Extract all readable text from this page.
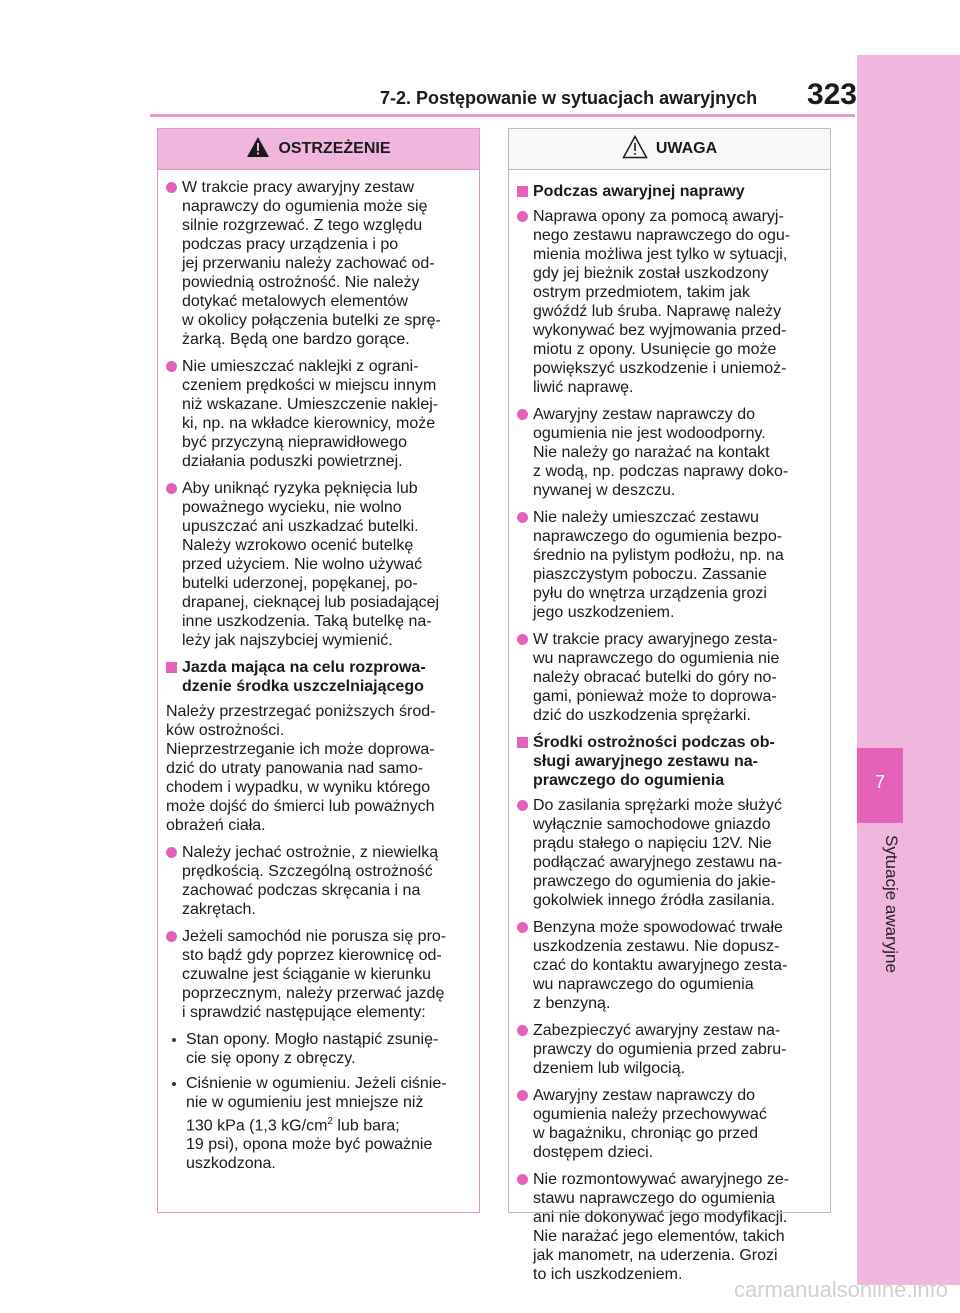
7
Sytuacje awaryjne
7-2. Postępowanie w sytuacjach awaryjnych 323
OSTRZEŻENIE
W trakcie pracy awaryjny zestaw
naprawczy do ogumienia może się
silnie rozgrzewać. Z tego względu
podczas pracy urządzenia i po
jej przerwaniu należy zachować od-
powiednią ostrożność. Nie należy
dotykać metalowych elementów
w okolicy połączenia butelki ze sprę-
żarką. Będą one bardzo gorące.
Nie umieszczać naklejki z ograni-
czeniem prędkości w miejscu innym
niż wskazane. Umieszczenie naklej-
ki, np. na wkładce kierownicy, może
być przyczyną nieprawidłowego
działania poduszki powietrznej.
Aby uniknąć ryzyka pęknięcia lub
poważnego wycieku, nie wolno
upuszczać ani uszkadzać butelki.
Należy wzrokowo ocenić butelkę
przed użyciem. Nie wolno używać
butelki uderzonej, popękanej, po-
drapanej, cieknącej lub posiadającej
inne uszkodzenia. Taką butelkę na-
leży jak najszybciej wymienić.
Jazda mająca na celu rozprowa-
dzenie środka uszczelniającego
Należy przestrzegać poniższych środ-
ków ostrożności.
Nieprzestrzeganie ich może doprowa-
dzić do utraty panowania nad samo-
chodem i wypadku, w wyniku którego
może dojść do śmierci lub poważnych
obrażeń ciała.
Należy jechać ostrożnie, z niewielką
prędkością. Szczególną ostrożność
zachować podczas skręcania i na
zakrętach.
Jeżeli samochód nie porusza się pro-
sto bądź gdy poprzez kierownicę od-
czuwalne jest ściąganie w kierunku
poprzecznym, należy przerwać jazdę
i sprawdzić następujące elementy:
Stan opony. Mogło nastąpić zsunię-
cie się opony z obręczy.
Ciśnienie w ogumieniu. Jeżeli ciśnie-
nie w ogumieniu jest mniejsze niż
130 kPa (1,3 $kG/cm^2$ lub bara;
19 psi), opona może być poważnie
uszkodzona.
UWAGA
Podczas awaryjnej naprawy
Naprawa opony za pomocą awaryj-
nego zestawu naprawczego do ogu-
mienia możliwa jest tylko w sytuacji,
gdy jej bieżnik został uszkodzony
ostrym przedmiotem, takim jak
gwóźdź lub śruba. Naprawę należy
wykonywać bez wyjmowania przed-
miotu z opony. Usunięcie go może
powiększyć uszkodzenie i uniemoż-
liwić naprawę.
Awaryjny zestaw naprawczy do
ogumienia nie jest wodoodporny.
Nie należy go narażać na kontakt
z wodą, np. podczas naprawy doko-
nywanej w deszczu.
Nie należy umieszczać zestawu
naprawczego do ogumienia bezpo-
średnio na pylistym podłożu, np. na
piaszczystym poboczu. Zassanie
pyłu do wnętrza urządzenia grozi
jego uszkodzeniem.
W trakcie pracy awaryjnego zesta-
wu naprawczego do ogumienia nie
należy obracać butelki do góry no-
gami, ponieważ może to doprowa-
dzić do uszkodzenia sprężarki.
Środki ostrożności podczas ob-
sługi awaryjnego zestawu na-
prawczego do ogumienia
Do zasilania sprężarki może służyć
wyłącznie samochodowe gniazdo
prądu stałego o napięciu 12V. Nie
podłączać awaryjnego zestawu na-
prawczego do ogumienia do jakie-
gokolwiek innego źródła zasilania.
Benzyna może spowodować trwałe
uszkodzenia zestawu. Nie dopusz-
czać do kontaktu awaryjnego zesta-
wu naprawczego do ogumienia
z benzyną.
Zabezpieczyć awaryjny zestaw na-
prawczy do ogumienia przed zabru-
dzeniem lub wilgocią.
Awaryjny zestaw naprawczy do
ogumienia należy przechowywać
w bagażniku, chroniąc go przed
dostępem dzieci.
Nie rozmontowywać awaryjnego ze-
stawu naprawczego do ogumienia
ani nie dokonywać jego modyfikacji.
Nie narażać jego elementów, takich
jak manometr, na uderzenia. Grozi
to ich uszkodzeniem.
carmanualsonline.info
